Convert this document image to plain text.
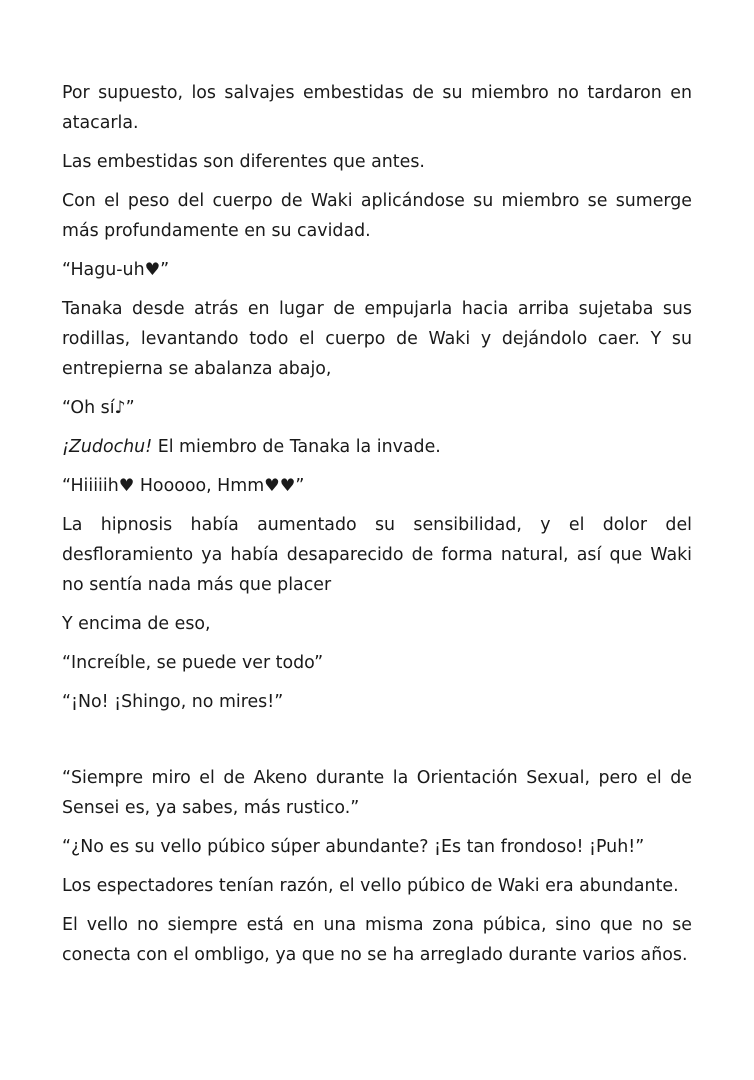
Por supuesto, los salvajes embestidas de su miembro no tardaron en atacarla.

Las embestidas son diferentes que antes.

Con el peso del cuerpo de Waki aplicándose su miembro se sumerge más profundamente en su cavidad.

“Hagu-uh♥”

Tanaka desde atrás en lugar de empujarla hacia arriba sujetaba sus rodillas, levantando todo el cuerpo de Waki y dejándolo caer. Y su entrepierna se abalanza abajo,

“Oh sí♪”

¡Zudochu! El miembro de Tanaka la invade.

“Hiiiiih♥ Hooooo, Hmm♥♥”

La hipnosis había aumentado su sensibilidad, y el dolor del desfloramiento ya había desaparecido de forma natural, así que Waki no sentía nada más que placer

Y encima de eso,

“Increíble, se puede ver todo”

“¡No! ¡Shingo, no mires!”

“Siempre miro el de Akeno durante la Orientación Sexual, pero el de Sensei es, ya sabes, más rustico.”

“¿No es su vello púbico súper abundante? ¡Es tan frondoso! ¡Puh!”

Los espectadores tenían razón, el vello púbico de Waki era abundante.

El vello no siempre está en una misma zona púbica, sino que no se conecta con el ombligo, ya que no se ha arreglado durante varios años.
